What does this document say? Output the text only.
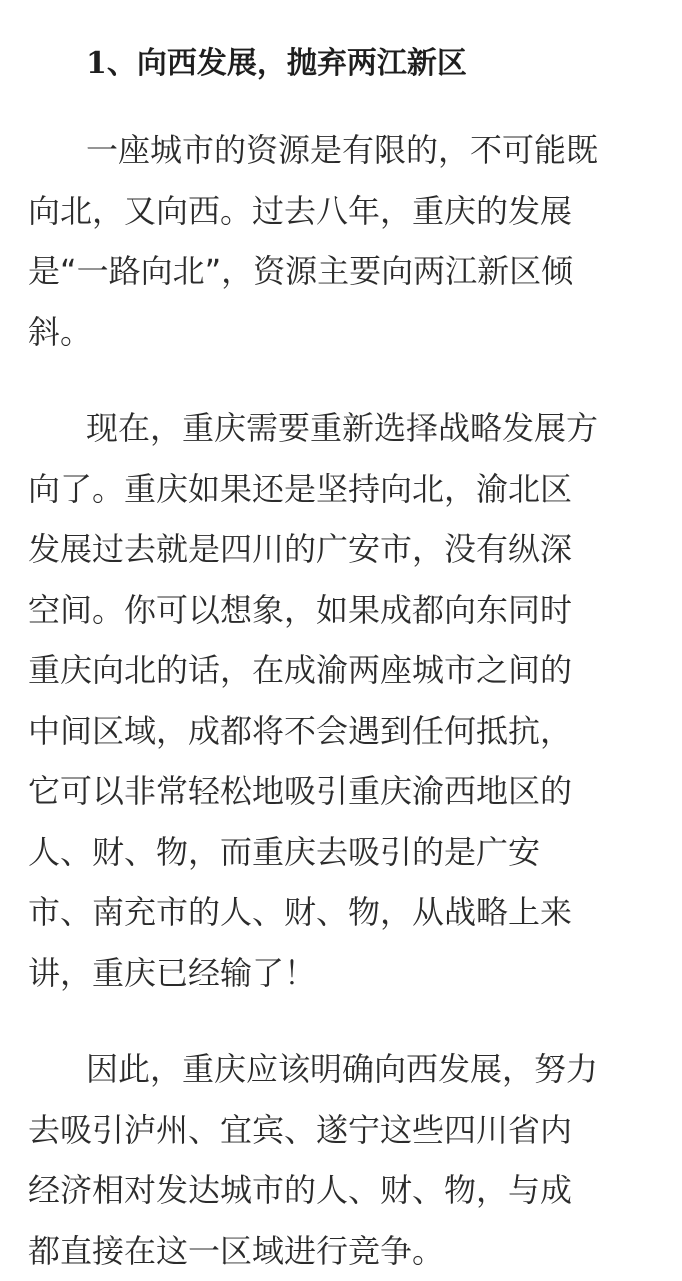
1、向西发展，抛弃两江新区
一座城市的资源是有限的，不可能既
向北，又向西。过去八年，重庆的发展
是“一路向北”，资源主要向两江新区倾
斜。
现在，重庆需要重新选择战略发展方
向了。重庆如果还是坚持向北，渝北区
发展过去就是四川的广安市，没有纵深
空间。你可以想象，如果成都向东同时
重庆向北的话，在成渝两座城市之间的
中间区域，成都将不会遇到任何抵抗，
它可以非常轻松地吸引重庆渝西地区的
人、财、物，而重庆去吸引的是广安
市、南充市的人、财、物，从战略上来
讲，重庆已经输了！
因此，重庆应该明确向西发展，努力
去吸引泸州、宜宾、遂宁这些四川省内
经济相对发达城市的人、财、物，与成
都直接在这一区域进行竞争。
